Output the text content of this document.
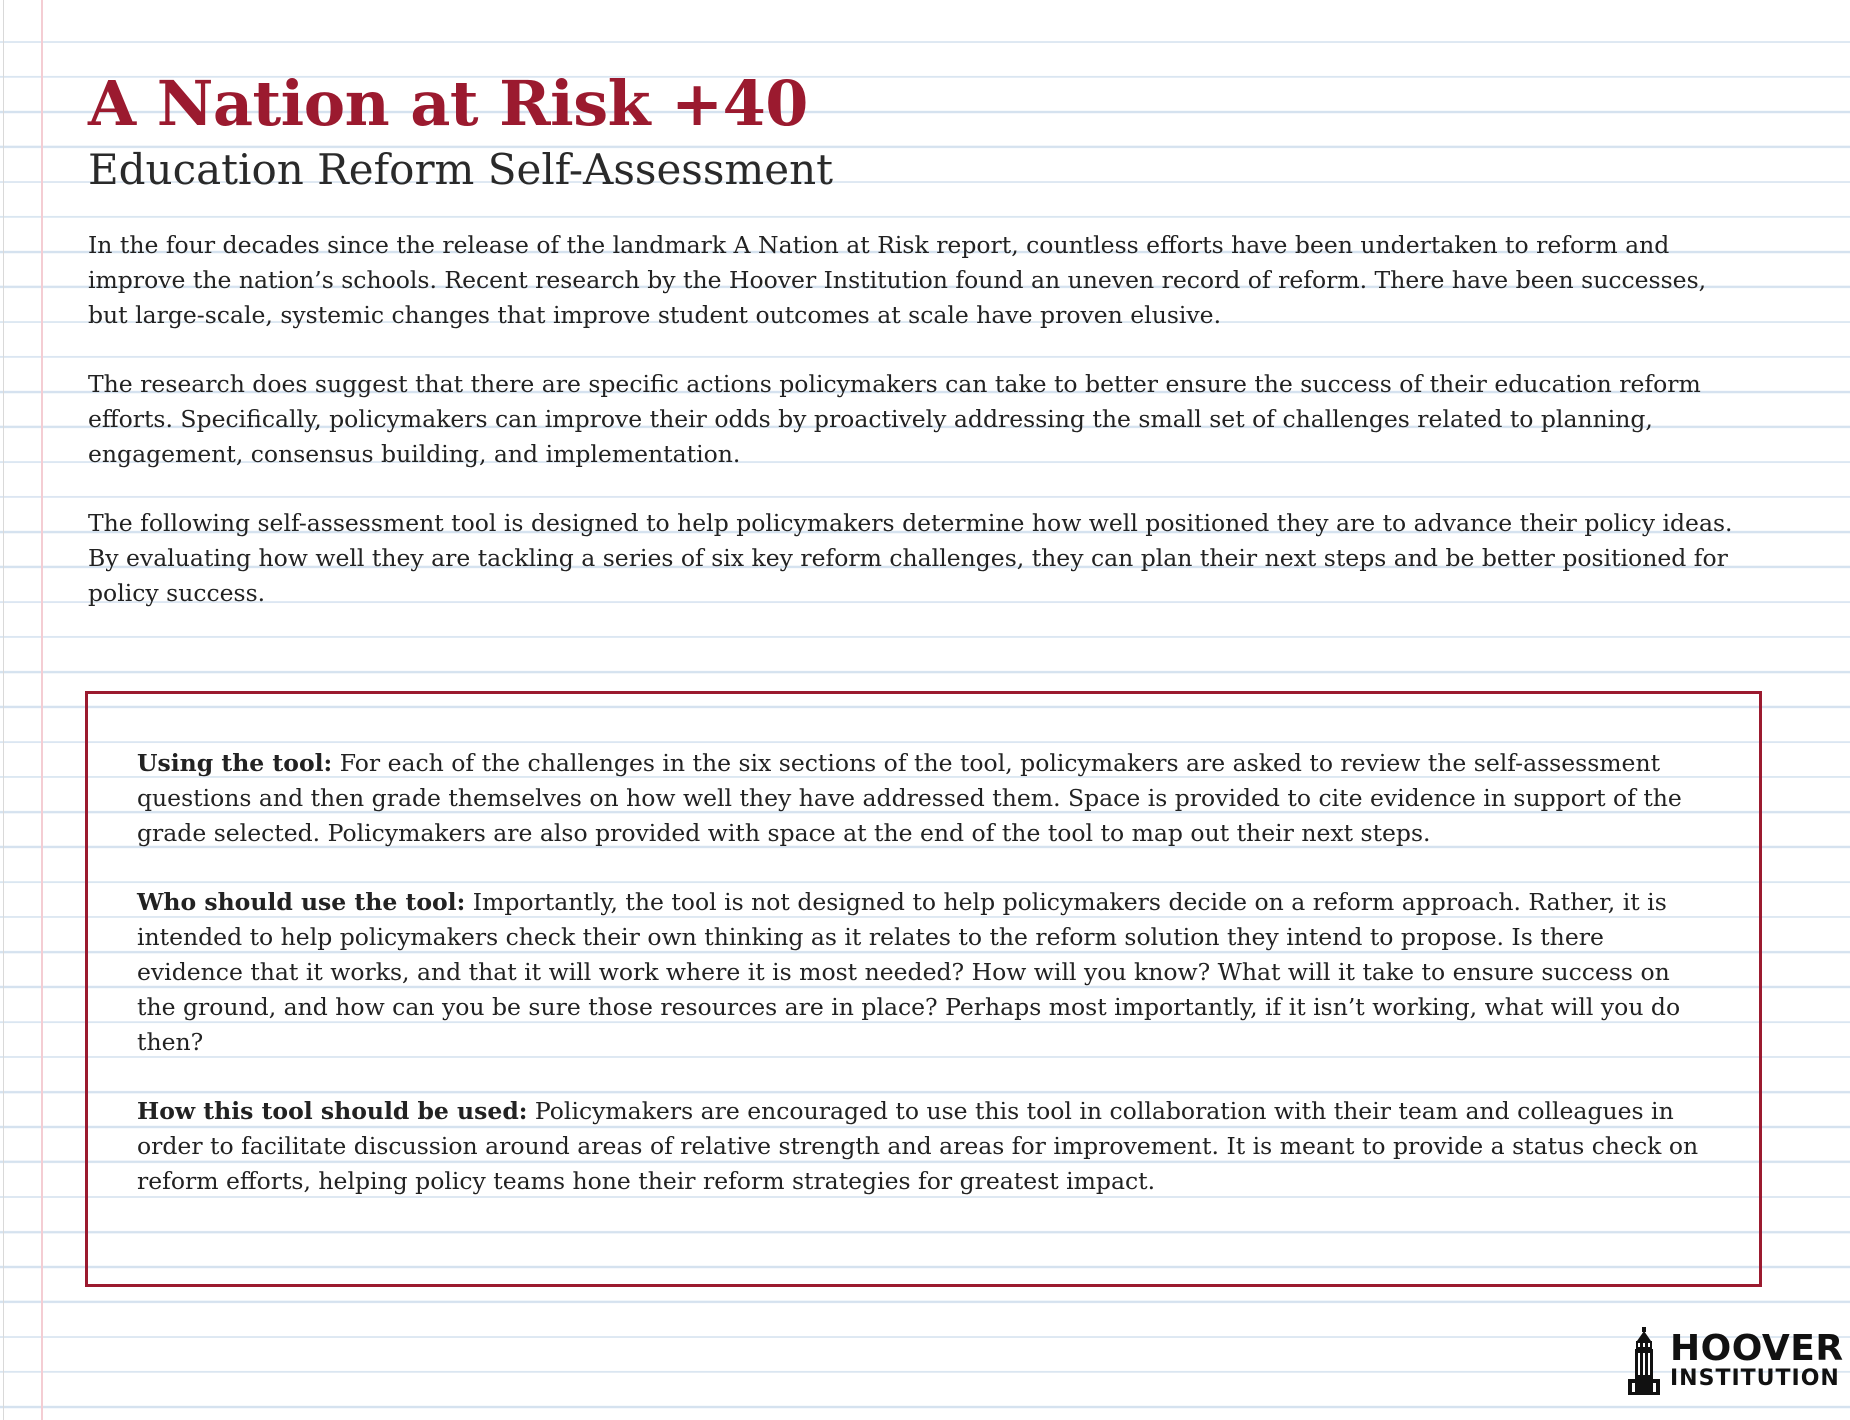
A Nation at Risk +40
Education Reform Self-Assessment

In the four decades since the release of the landmark A Nation at Risk report, countless efforts have been undertaken to reform and improve the nation’s schools. Recent research by the Hoover Institution found an uneven record of reform. There have been successes, but large-scale, systemic changes that improve student outcomes at scale have proven elusive.

The research does suggest that there are specific actions policymakers can take to better ensure the success of their education reform efforts. Specifically, policymakers can improve their odds by proactively addressing the small set of challenges related to planning, engagement, consensus building, and implementation.

The following self-assessment tool is designed to help policymakers determine how well positioned they are to advance their policy ideas. By evaluating how well they are tackling a series of six key reform challenges, they can plan their next steps and be better positioned for policy success.

Using the tool: For each of the challenges in the six sections of the tool, policymakers are asked to review the self-assessment questions and then grade themselves on how well they have addressed them. Space is provided to cite evidence in support of the grade selected. Policymakers are also provided with space at the end of the tool to map out their next steps.

Who should use the tool: Importantly, the tool is not designed to help policymakers decide on a reform approach. Rather, it is intended to help policymakers check their own thinking as it relates to the reform solution they intend to propose. Is there evidence that it works, and that it will work where it is most needed? How will you know? What will it take to ensure success on the ground, and how can you be sure those resources are in place? Perhaps most importantly, if it isn’t working, what will you do then?

How this tool should be used: Policymakers are encouraged to use this tool in collaboration with their team and colleagues in order to facilitate discussion around areas of relative strength and areas for improvement. It is meant to provide a status check on reform efforts, helping policy teams hone their reform strategies for greatest impact.

HOOVER
INSTITUTION
